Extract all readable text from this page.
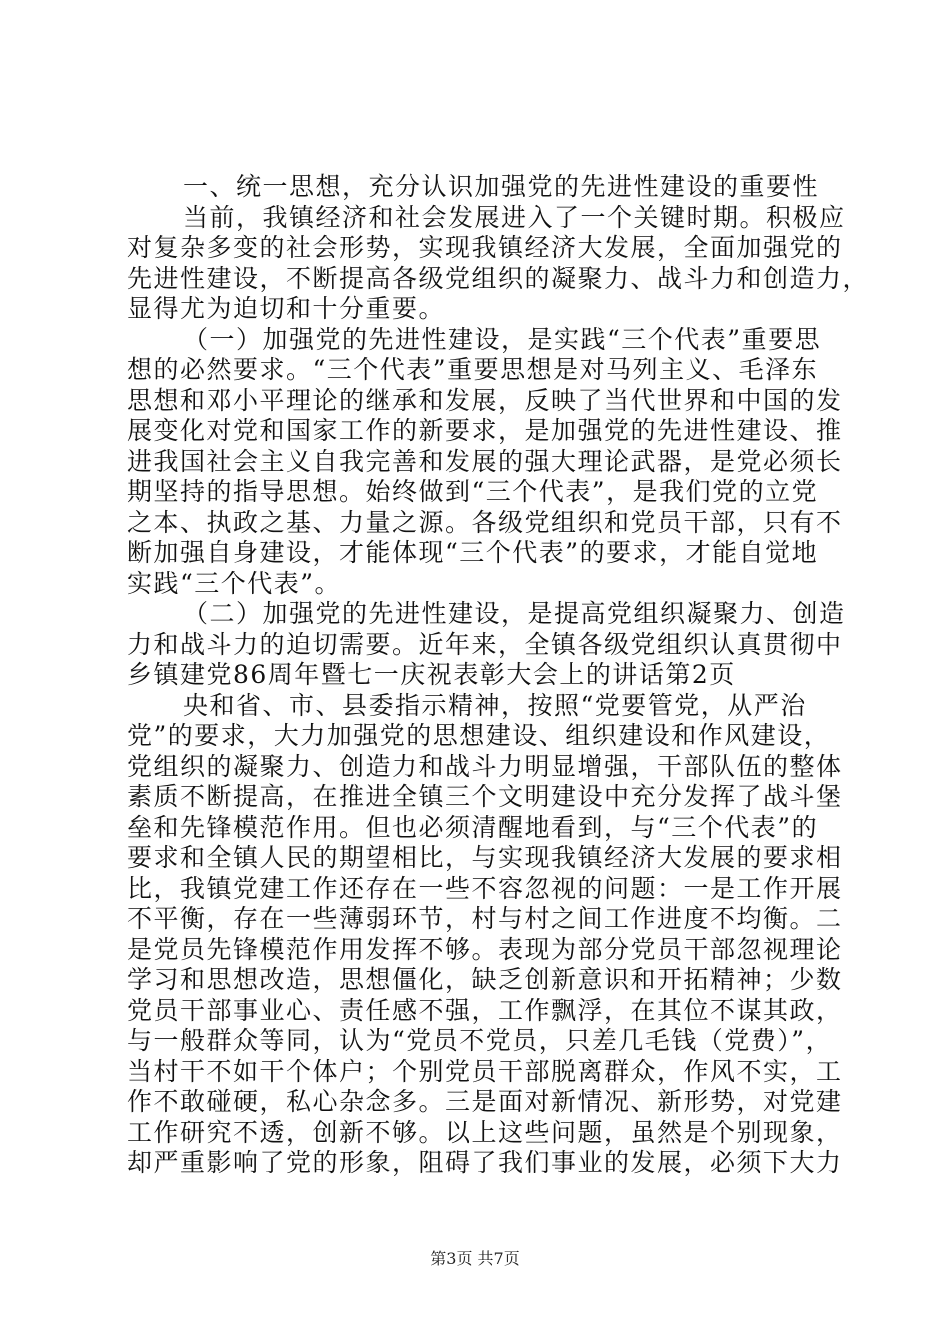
一、统一思想，充分认识加强党的先进性建设的重要性
当前，我镇经济和社会发展进入了一个关键时期。积极应
对复杂多变的社会形势，实现我镇经济大发展，全面加强党的
先进性建设，不断提高各级党组织的凝聚力、战斗力和创造力，
显得尤为迫切和十分重要。
（一）加强党的先进性建设，是实践“三个代表”重要思
想的必然要求。“三个代表”重要思想是对马列主义、毛泽东
思想和邓小平理论的继承和发展，反映了当代世界和中国的发
展变化对党和国家工作的新要求，是加强党的先进性建设、推
进我国社会主义自我完善和发展的强大理论武器，是党必须长
期坚持的指导思想。始终做到“三个代表”，是我们党的立党
之本、执政之基、力量之源。各级党组织和党员干部，只有不
断加强自身建设，才能体现“三个代表”的要求，才能自觉地
实践“三个代表”。
（二）加强党的先进性建设，是提高党组织凝聚力、创造
力和战斗力的迫切需要。近年来，全镇各级党组织认真贯彻中
乡镇建党86周年暨七一庆祝表彰大会上的讲话第2页
央和省、市、县委指示精神，按照“党要管党，从严治
党”的要求，大力加强党的思想建设、组织建设和作风建设，
党组织的凝聚力、创造力和战斗力明显增强，干部队伍的整体
素质不断提高，在推进全镇三个文明建设中充分发挥了战斗堡
垒和先锋模范作用。但也必须清醒地看到，与“三个代表”的
要求和全镇人民的期望相比，与实现我镇经济大发展的要求相
比，我镇党建工作还存在一些不容忽视的问题：一是工作开展
不平衡，存在一些薄弱环节，村与村之间工作进度不均衡。二
是党员先锋模范作用发挥不够。表现为部分党员干部忽视理论
学习和思想改造，思想僵化，缺乏创新意识和开拓精神；少数
党员干部事业心、责任感不强，工作飘浮，在其位不谋其政，
与一般群众等同，认为“党员不党员，只差几毛钱（党费）”，
当村干不如干个体户；个别党员干部脱离群众，作风不实，工
作不敢碰硬，私心杂念多。三是面对新情况、新形势，对党建
工作研究不透，创新不够。以上这些问题，虽然是个别现象，
却严重影响了党的形象，阻碍了我们事业的发展，必须下大力
第3页 共7页
